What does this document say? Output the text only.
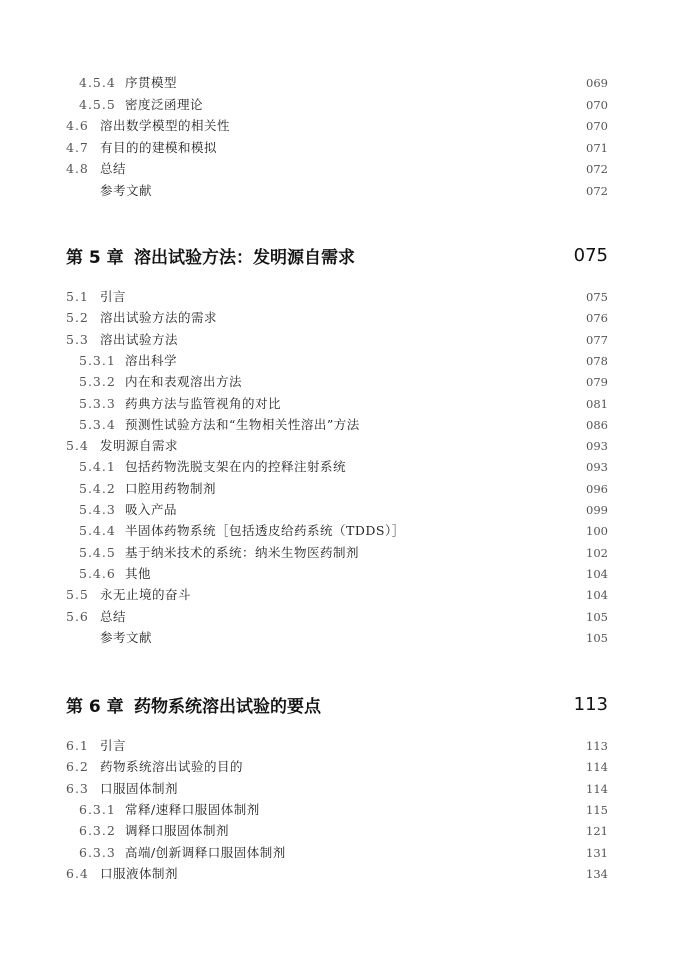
4.5.4 序贯模型	069
4.5.5 密度泛函理论	070
4.6 溶出数学模型的相关性	070
4.7 有目的的建模和模拟	071
4.8 总结	072
参考文献	072
第 5 章 溶出试验方法：发明源自需求	075
5.1 引言	075
5.2 溶出试验方法的需求	076
5.3 溶出试验方法	077
5.3.1 溶出科学	078
5.3.2 内在和表观溶出方法	079
5.3.3 药典方法与监管视角的对比	081
5.3.4 预测性试验方法和“生物相关性溶出”方法	086
5.4 发明源自需求	093
5.4.1 包括药物洗脱支架在内的控释注射系统	093
5.4.2 口腔用药物制剂	096
5.4.3 吸入产品	099
5.4.4 半固体药物系统［包括透皮给药系统（TDDS）］	100
5.4.5 基于纳米技术的系统：纳米生物医药制剂	102
5.4.6 其他	104
5.5 永无止境的奋斗	104
5.6 总结	105
参考文献	105
第 6 章 药物系统溶出试验的要点	113
6.1 引言	113
6.2 药物系统溶出试验的目的	114
6.3 口服固体制剂	114
6.3.1 常释/速释口服固体制剂	115
6.3.2 调释口服固体制剂	121
6.3.3 高端/创新调释口服固体制剂	131
6.4 口服液体制剂	134
